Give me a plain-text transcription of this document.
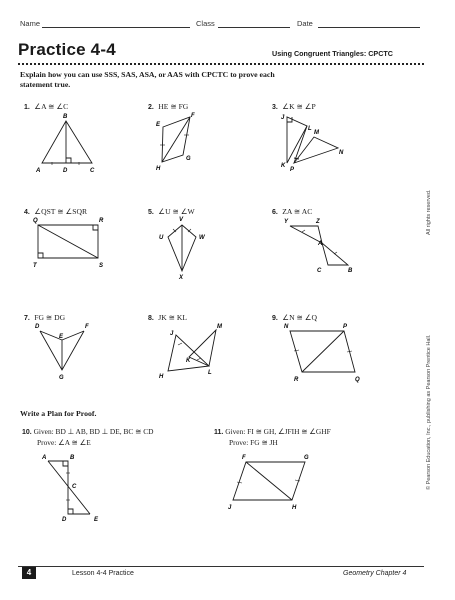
Name	Class	Date
Practice 4-4	Using Congruent Triangles: CPCTC
Explain how you can use SSS, SAS, ASA, or AAS with CPCTC to prove each statement true.
1. ∠A ≅ ∠C	2. HE ≅ FG	3. ∠K ≅ ∠P
4. ∠QST ≅ ∠SQR	5. ∠U ≅ ∠W	6. ZA ≅ AC
7. FG ≅ DG	8. JK ≅ KL	9. ∠N ≅ ∠Q
B
A	D	C
E
F
H
G
J
L
M
N
K
P
Q	R
T	S
V
U	W
X
Y	Z
A
C	B
D
E
F
G
J
M
K
H
L
N	P
R	Q
A	B
C
D	E
F	G
J	H
Write a Plan for Proof.
10. Given: BD ⊥ AB, BD ⊥ DE, BC ≅ CD
Prove: ∠A ≅ ∠E
11. Given: FI ≅ GH, ∠JFIH ≅ ∠GHF
Prove: FG ≅ JH
All rights reserved.
© Pearson Education, Inc., publishing as Pearson Prentice Hall.
4	Lesson 4-4 Practice	Geometry Chapter 4
